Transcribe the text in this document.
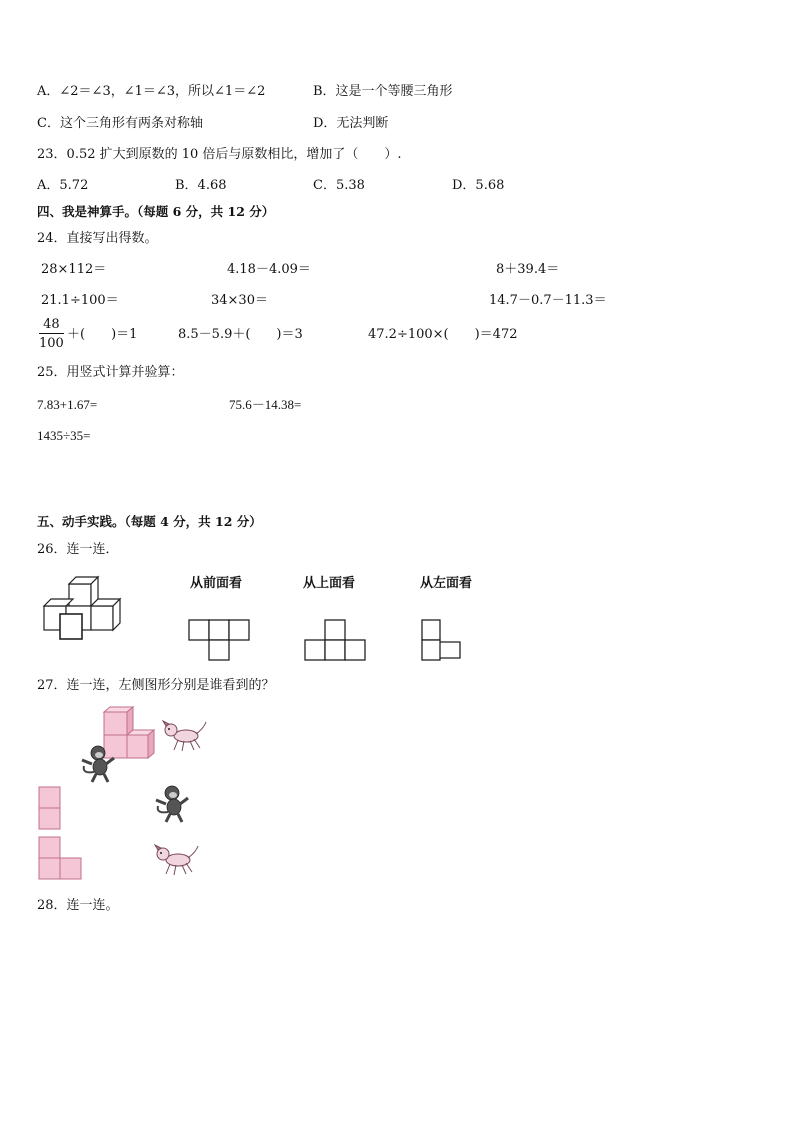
A．∠2＝∠3，∠1＝∠3，所以∠1＝∠2	B．这是一个等腰三角形
C．这个三角形有两条对称轴	D．无法判断
23．0.52 扩大到原数的 10 倍后与原数相比，增加了（　　）.
A．5.72	B．4.68	C．5.38	D．5.68
四、我是神算手。（每题 6 分，共 12 分）
24．直接写出得数。
28×112＝	4.18－4.09＝	8＋39.4＝
21.1÷100＝	34×30＝	14.7－0.7－11.3＝
$\frac{48}{100}$ ＋(　　)＝1	8.5－5.9＋(　　)＝3	47.2÷100×(　　)＝472
25．用竖式计算并验算：
7.83+1.67=	75.6－14.38=
1435÷35=
五、动手实践。（每题 4 分，共 12 分）
26．连一连．
从前面看	从上面看	从左面看
27．连一连，左侧图形分别是谁看到的？
28．连一连。
